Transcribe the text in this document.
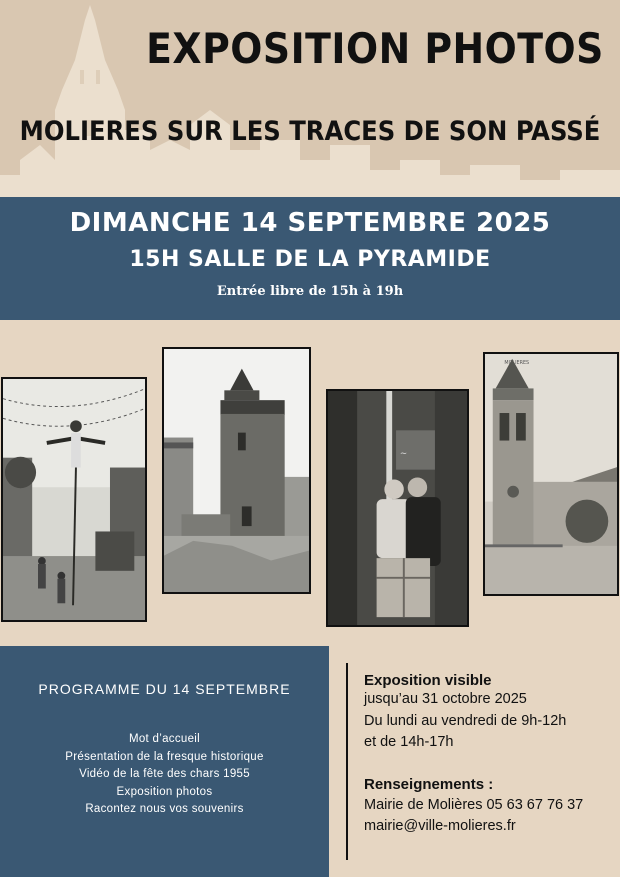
EXPOSITION PHOTOS
MOLIERES SUR LES TRACES DE SON PASSÉ
DIMANCHE 14 SEPTEMBRE 2025
15H SALLE DE LA PYRAMIDE
Entrée libre de 15h à 19h
~
MOLIERES
PROGRAMME DU 14 SEPTEMBRE
Mot d’accueil
Présentation de la fresque historique
Vidéo de la fête des chars 1955
Exposition photos
Racontez nous vos souvenirs
Exposition visible
jusqu’au 31 octobre 2025
Du lundi au vendredi de 9h-12h
et de 14h-17h
Renseignements :
Mairie de Molières 05 63 67 76 37
mairie@ville-molieres.fr
